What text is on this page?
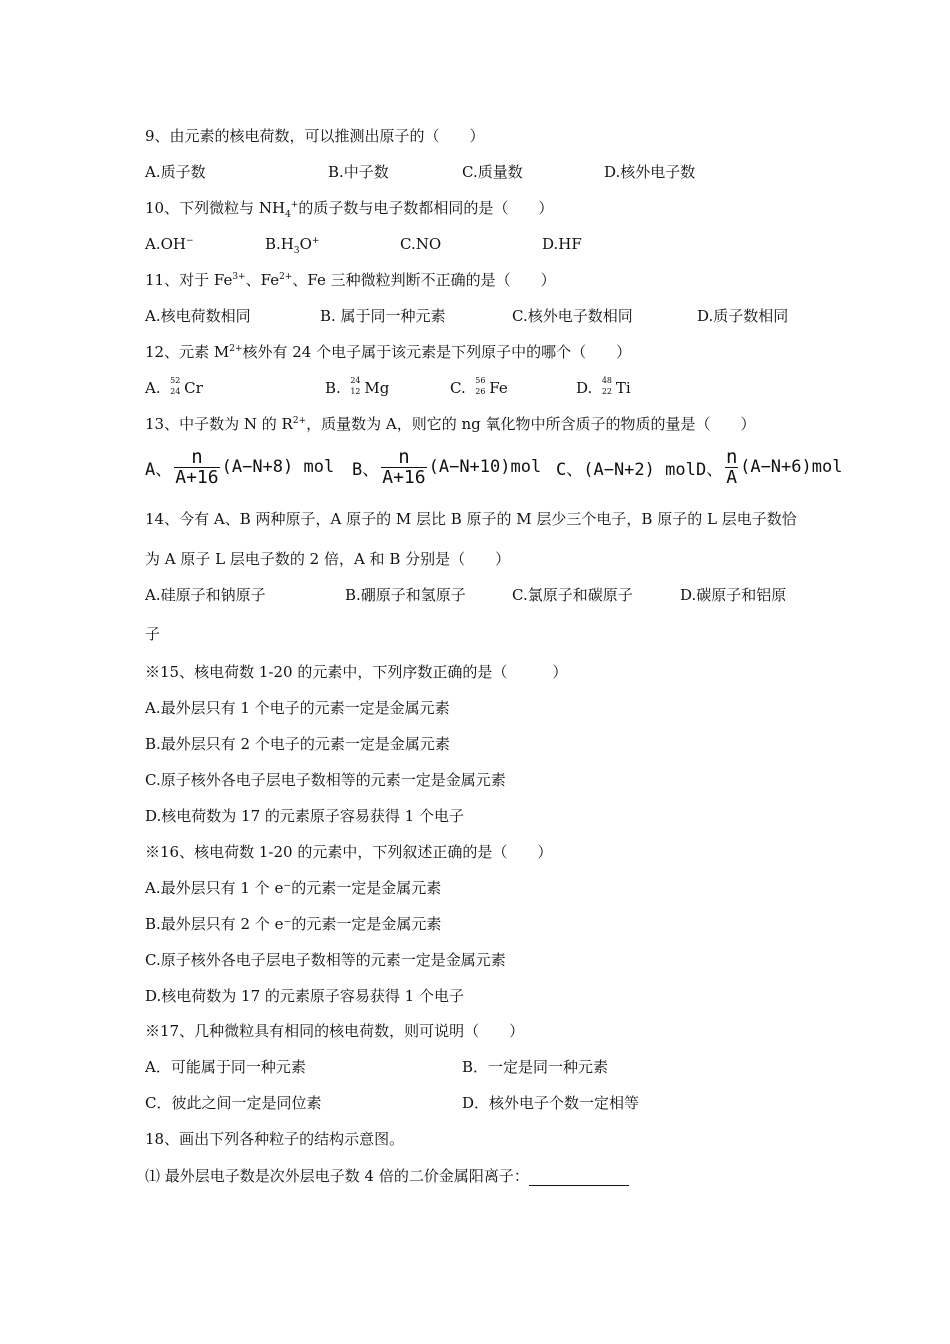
9、由元素的核电荷数，可以推测出原子的（　　）
A.质子数	B.中子数	C.质量数	D.核外电子数
10、下列微粒与 $NH_4^+$的质子数与电子数都相同的是（　　）
A.OH−	$B.H_3O^+$	C.NO	D.HF
11、对于 $Fe^{3+}$、$Fe^{2+}$、Fe 三种微粒判断不正确的是（　　）
A.核电荷数相同	B. 属于同一种元素	C.核外电子数相同	D.质子数相同
12、元素 $M^{2+}$核外有 24 个电子属于该元素是下列原子中的哪个（　　）
A. 52
24 Cr	B. 24
12 Mg	C. 56
26 Fe	D. 48
22 Ti
13、中子数为 N 的 $R^{2+}$，质量数为 A，则它的 ng 氧化物中所含质子的物质的量是（　　）
A、 $\frac{n}{A+16} (A-N+8)$ mol B、 $\frac{n}{A+16} (A-N+10)mol$ C、(A−N+2) mol D、 $\frac{n}{A} (A-N+6)mol$
14、今有 A、B 两种原子，A 原子的 M 层比 B 原子的 M 层少三个电子，B 原子的 L 层电子数恰
为 A 原子 L 层电子数的 2 倍，A 和 B 分别是（　　）
A.硅原子和钠原子	B.硼原子和氢原子	C.氯原子和碳原子	D.碳原子和铝原
子
※15、核电荷数 1-20 的元素中，下列序数正确的是（　　　）
A.最外层只有 1 个电子的元素一定是金属元素
B.最外层只有 2 个电子的元素一定是金属元素
C.原子核外各电子层电子数相等的元素一定是金属元素
D.核电荷数为 17 的元素原子容易获得 1 个电子
※16、核电荷数 1-20 的元素中，下列叙述正确的是（　　）
A.最外层只有 1 个 e⁻的元素一定是金属元素
B.最外层只有 2 个 e⁻的元素一定是金属元素
C.原子核外各电子层电子数相等的元素一定是金属元素
D.核电荷数为 17 的元素原子容易获得 1 个电子
※17、几种微粒具有相同的核电荷数，则可说明（　　）
A．可能属于同一种元素	B．一定是同一种元素
C．彼此之间一定是同位素	D．核外电子个数一定相等
18、画出下列各种粒子的结构示意图。
⑴ 最外层电子数是次外层电子数 4 倍的二价金属阳离子：
